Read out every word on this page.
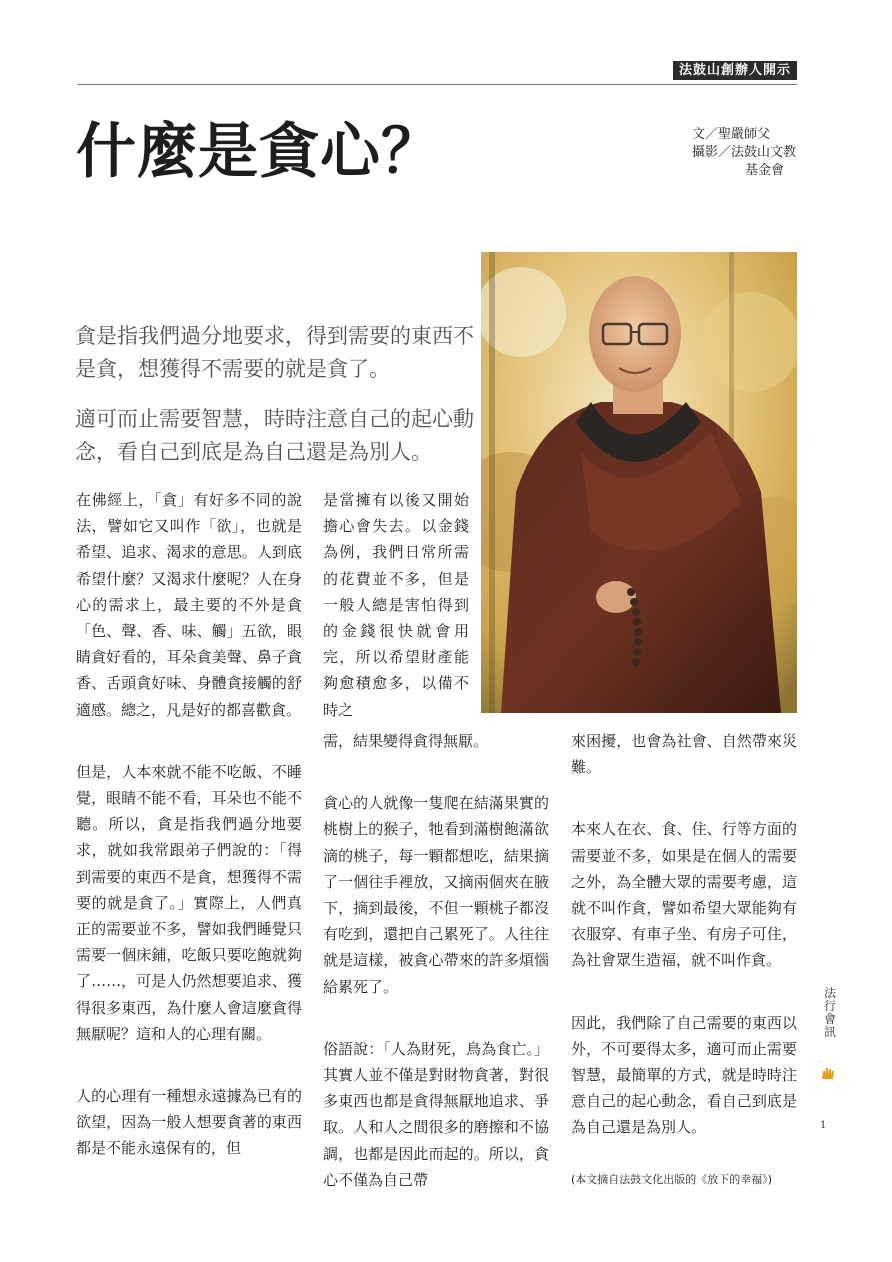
法鼓山創辦人開示
什麼是貪心？	文／聖嚴師父
攝影／法鼓山文教
基金會

貪是指我們過分地要求，得到需要的東西不是貪，想獲得不需要的就是貪了。

適可而止需要智慧，時時注意自己的起心動念，看自己到底是為自己還是為別人。

在佛經上，「貪」有好多不同的說法，譬如它又叫作「欲」，也就是希望、追求、渴求的意思。人到底希望什麼？又渴求什麼呢？人在身心的需求上，最主要的不外是貪「色、聲、香、味、觸」五欲，眼睛貪好看的，耳朵貪美聲、鼻子貪香、舌頭貪好味、身體貪接觸的舒適感。總之，凡是好的都喜歡貪。

但是，人本來就不能不吃飯、不睡覺，眼睛不能不看，耳朵也不能不聽。所以，貪是指我們過分地要求，就如我常跟弟子們說的：「得到需要的東西不是貪，想獲得不需要的就是貪了。」實際上，人們真正的需要並不多，譬如我們睡覺只需要一個床鋪，吃飯只要吃飽就夠了……，可是人仍然想要追求、獲得很多東西，為什麼人會這麼貪得無厭呢？這和人的心理有關。

人的心理有一種想永遠據為已有的欲望，因為一般人想要貪著的東西都是不能永遠保有的，但

是當擁有以後又開始擔心會失去。以金錢為例，我們日常所需的花費並不多，但是一般人總是害怕得到的金錢很快就會用完，所以希望財產能夠愈積愈多，以備不時之

需，結果變得貪得無厭。

貪心的人就像一隻爬在結滿果實的桃樹上的猴子，牠看到滿樹飽滿欲滴的桃子，每一顆都想吃，結果摘了一個往手裡放，又摘兩個夾在腋下，摘到最後，不但一顆桃子都沒有吃到，還把自己累死了。人往往就是這樣，被貪心帶來的許多煩惱給累死了。

俗語說：「人為財死，鳥為食亡。」其實人並不僅是對財物貪著，對很多東西也都是貪得無厭地追求、爭取。人和人之間很多的磨擦和不協調，也都是因此而起的。所以，貪心不僅為自己帶

來困擾，也會為社會、自然帶來災難。

本來人在衣、食、住、行等方面的需要並不多，如果是在個人的需要之外，為全體大眾的需要考慮，這就不叫作貪，譬如希望大眾能夠有衣服穿、有車子坐、有房子可住，為社會眾生造福，就不叫作貪。

因此，我們除了自己需要的東西以外，不可要得太多，適可而止需要智慧，最簡單的方式，就是時時注意自己的起心動念，看自己到底是為自己還是為別人。

(本文摘自法鼓文化出版的《放下的幸福》)

法
行
會
訊
1
